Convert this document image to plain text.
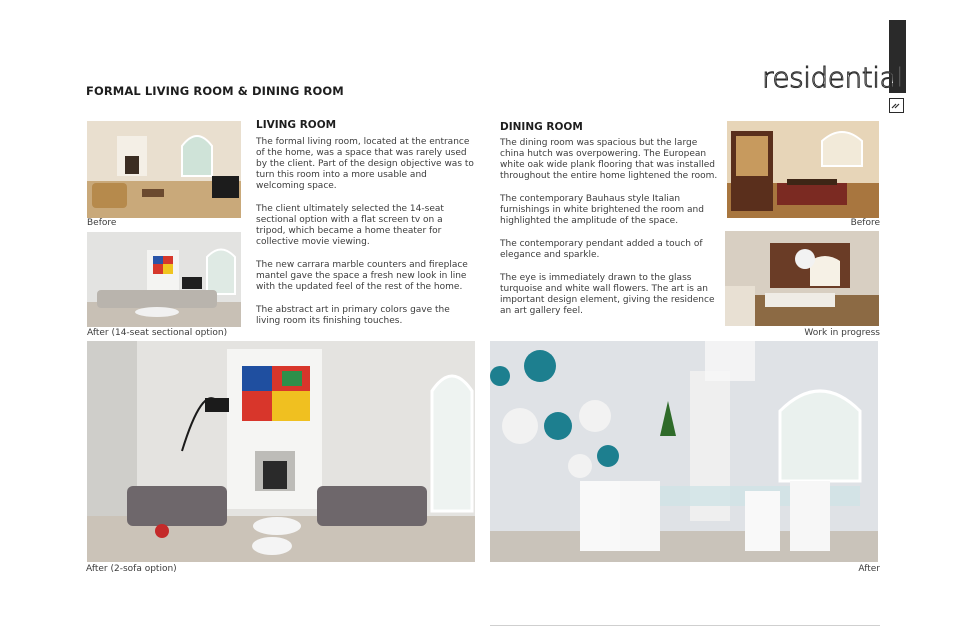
FORMAL LIVING ROOM & DINING ROOM	residential
Before
After (14-seat sectional option)
LIVING ROOM

The formal living room, located at the entrance of the home, was a space that was rarely used by the client. Part of the design objective was to turn this room into a more usable and welcoming space.

The client ultimately selected the 14-seat sectional option with a flat screen tv on a tripod, which became a home theater for collective movie viewing.

The new carrara marble counters and fireplace mantel gave the space a fresh new look in line with the updated feel of the rest of the home.

The abstract art in primary colors gave the living room its finishing touches.

DINING ROOM

The dining room was spacious but the large china hutch was overpowering. The European white oak wide plank flooring that was installed throughout the entire home lightened the room.

The contemporary Bauhaus style Italian furnishings in white brightened the room and highlighted the amplitude of the space.

The contemporary pendant added a touch of elegance and sparkle.

The eye is immediately drawn to the glass turquoise and white wall flowers. The art is an important design element, giving the residence an art gallery feel.

Before
Work in progress
After (2-sofa option)	After
